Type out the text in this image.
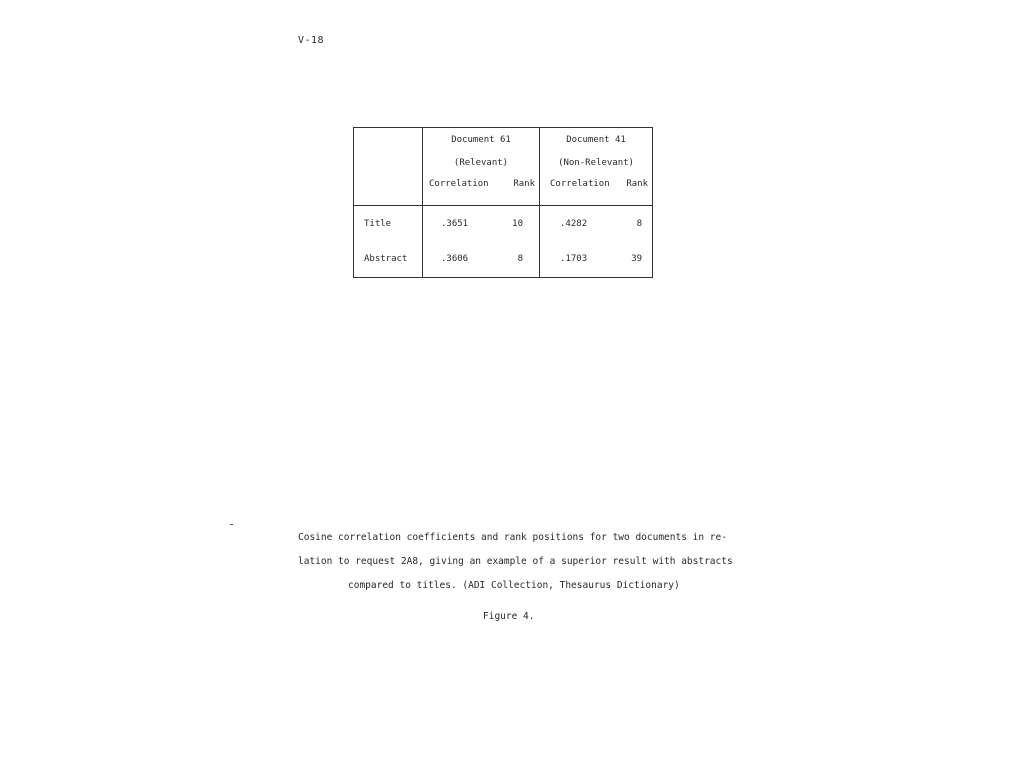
V-18
	Document 61		Document 41	
	(Relevant)		(Non-Relevant)	
	Correlation	Rank	Correlation	Rank

Title	.3651	10	.4282	8
Abstract	.3606	8	.1703	39
Cosine correlation coefficients and rank positions for two documents in re-
lation to request 2A8, giving an example of a superior result with abstracts
compared to titles. (ADI Collection, Thesaurus Dictionary)
Figure 4.
